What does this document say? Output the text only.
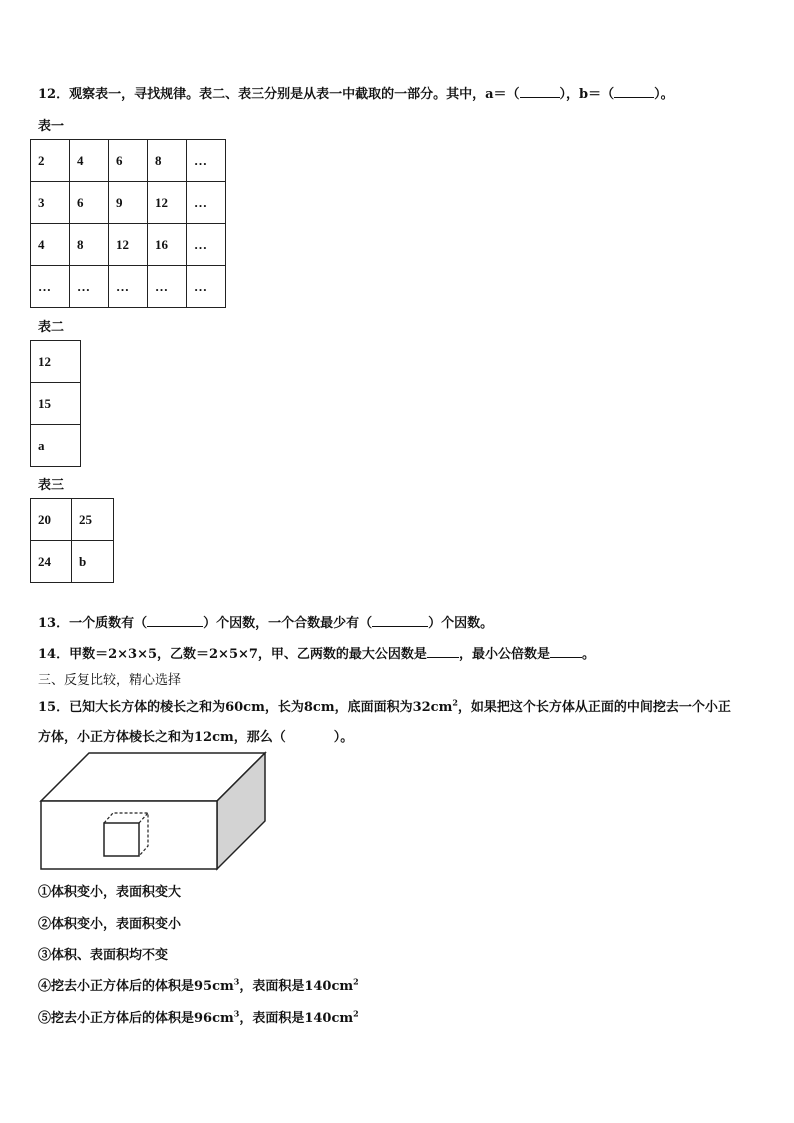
12．观察表一，寻找规律。表二、表三分别是从表一中截取的一部分。其中，a＝（	），b＝（	）。
表一
2	4	6	8	…
3	6	9	12	…
4	8	12	16	…
…	…	…	…	…
表二
12
15
a
表三
20	25
24	b
13．一个质数有（	）个因数，一个合数最少有（	）个因数。
14．甲数＝2×3×5，乙数＝2×5×7，甲、乙两数的最大公因数是 ，最小公倍数是 。
三、反复比较，精心选择
15．已知大长方体的棱长之和为60cm，长为8cm，底面面积为$32cm^2$，如果把这个长方体从正面的中间挖去一个小正
方体，小正方体棱长之和为12cm，那么（	）。
①体积变小，表面积变大
②体积变小，表面积变小
③体积、表面积均不变
④挖去小正方体后的体积是$95cm^3$，表面积是$140cm^2$
⑤挖去小正方体后的体积是$96cm^3$，表面积是$140cm^2$
